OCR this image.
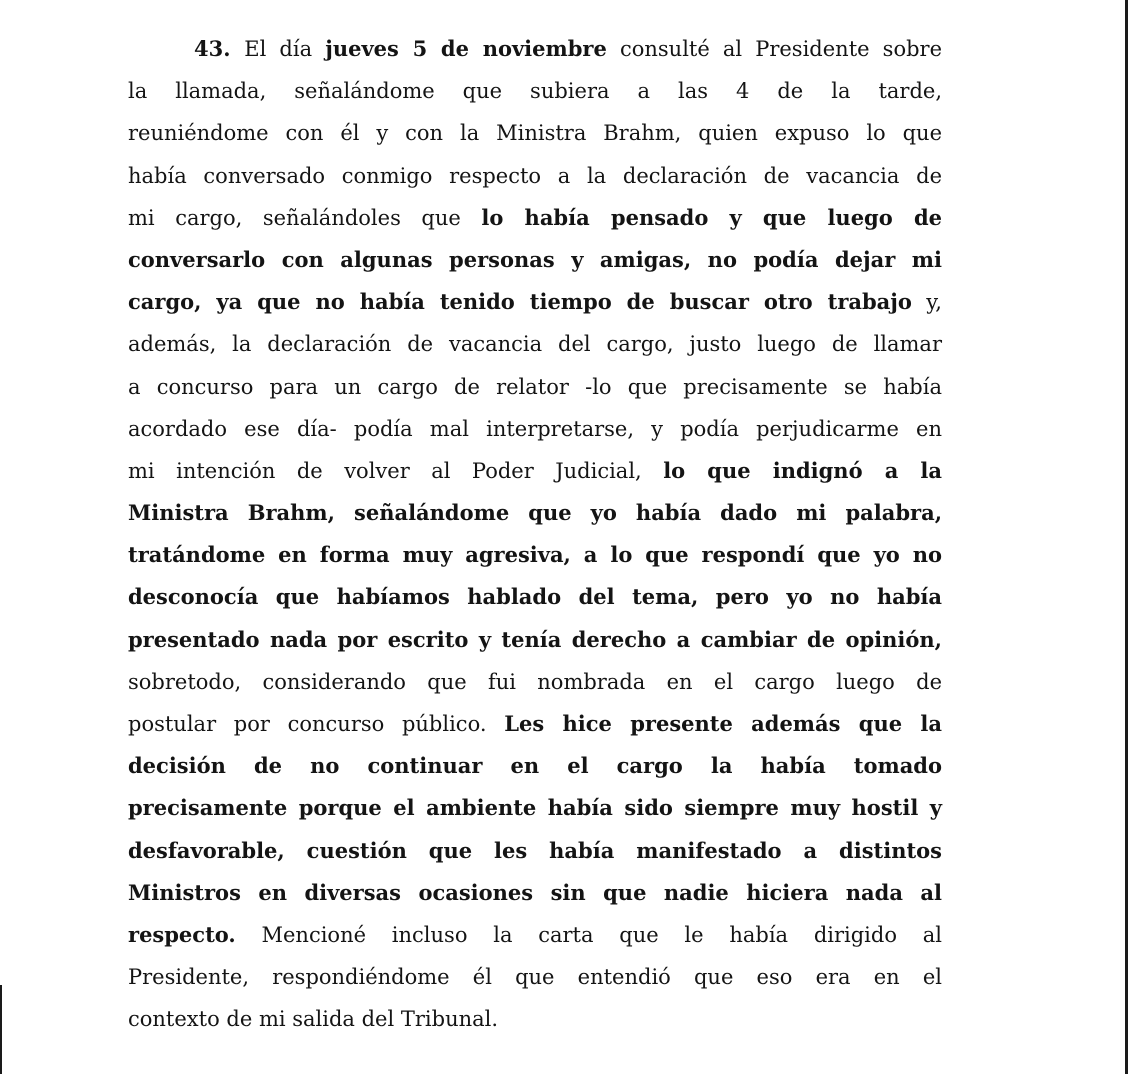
43. El día jueves 5 de noviembre consulté al Presidente sobre
la llamada, señalándome que subiera a las 4 de la tarde,
reuniéndome con él y con la Ministra Brahm, quien expuso lo que
había conversado conmigo respecto a la declaración de vacancia de
mi cargo, señalándoles que lo había pensado y que luego de
conversarlo con algunas personas y amigas, no podía dejar mi
cargo, ya que no había tenido tiempo de buscar otro trabajo y,
además, la declaración de vacancia del cargo, justo luego de llamar
a concurso para un cargo de relator -lo que precisamente se había
acordado ese día- podía mal interpretarse, y podía perjudicarme en
mi intención de volver al Poder Judicial, lo que indignó a la
Ministra Brahm, señalándome que yo había dado mi palabra,
tratándome en forma muy agresiva, a lo que respondí que yo no
desconocía que habíamos hablado del tema, pero yo no había
presentado nada por escrito y tenía derecho a cambiar de opinión,
sobretodo, considerando que fui nombrada en el cargo luego de
postular por concurso público. Les hice presente además que la
decisión de no continuar en el cargo la había tomado
precisamente porque el ambiente había sido siempre muy hostil y
desfavorable, cuestión que les había manifestado a distintos
Ministros en diversas ocasiones sin que nadie hiciera nada al
respecto. Mencioné incluso la carta que le había dirigido al
Presidente, respondiéndome él que entendió que eso era en el
contexto de mi salida del Tribunal.
